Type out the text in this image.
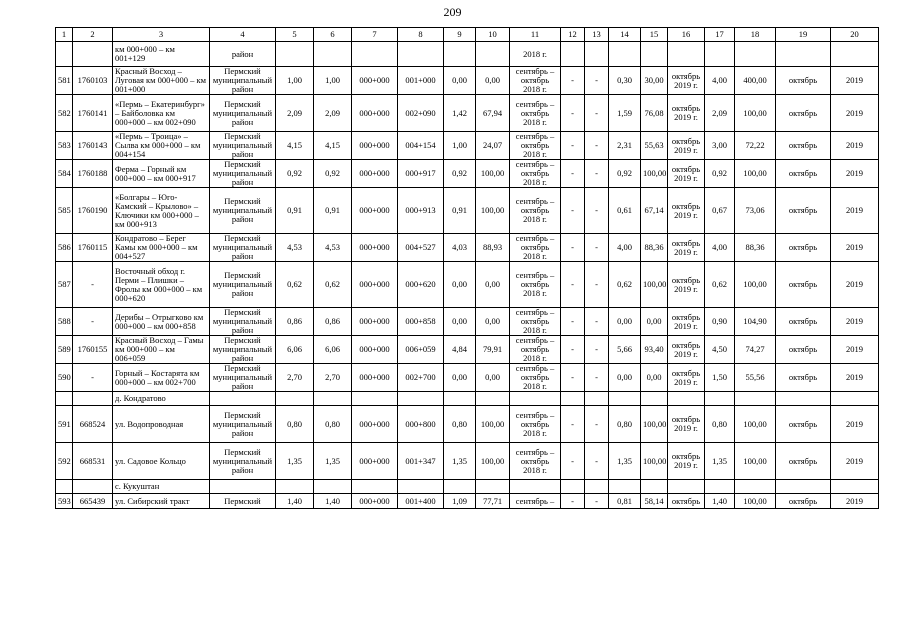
209
1	2	3	4	5	6	7	8	9	10	11	12	13	14	15	16	17	18	19	20
		км 000+000 – км 001+129	район							2018 г.									
581	1760103	Красный Восход – Луговая км 000+000 – км 001+000	Пермский муниципальный район	1,00	1,00	000+000	001+000	0,00	0,00	сентябрь – октябрь 2018 г.	-	-	0,30	30,00	октябрь 2019 г.	4,00	400,00	октябрь	2019
582	1760141	«Пермь – Екатеринбург» – Байболовка км 000+000 – км 002+090	Пермский муниципальный район	2,09	2,09	000+000	002+090	1,42	67,94	сентябрь – октябрь 2018 г.	-	-	1,59	76,08	октябрь 2019 г.	2,09	100,00	октябрь	2019
583	1760143	«Пермь – Троица» – Сылва км 000+000 – км 004+154	Пермский муниципальный район	4,15	4,15	000+000	004+154	1,00	24,07	сентябрь – октябрь 2018 г.	-	-	2,31	55,63	октябрь 2019 г.	3,00	72,22	октябрь	2019
584	1760188	Ферма – Горный км 000+000 – км 000+917	Пермский муниципальный район	0,92	0,92	000+000	000+917	0,92	100,00	сентябрь – октябрь 2018 г.	-	-	0,92	100,00	октябрь 2019 г.	0,92	100,00	октябрь	2019
585	1760190	«Болгары – Юго-Камский – Крылово» – Ключики км 000+000 – км 000+913	Пермский муниципальный район	0,91	0,91	000+000	000+913	0,91	100,00	сентябрь – октябрь 2018 г.	-	-	0,61	67,14	октябрь 2019 г.	0,67	73,06	октябрь	2019
586	1760115	Кондратово – Берег Камы км 000+000 – км 004+527	Пермский муниципальный район	4,53	4,53	000+000	004+527	4,03	88,93	сентябрь – октябрь 2018 г.	-	-	4,00	88,36	октябрь 2019 г.	4,00	88,36	октябрь	2019
587	-	Восточный обход г. Перми – Плишки – Фролы км 000+000 – км 000+620	Пермский муниципальный район	0,62	0,62	000+000	000+620	0,00	0,00	сентябрь – октябрь 2018 г.	-	-	0,62	100,00	октябрь 2019 г.	0,62	100,00	октябрь	2019
588	-	Дерибы – Отрыгково км 000+000 – км 000+858	Пермский муниципальный район	0,86	0,86	000+000	000+858	0,00	0,00	сентябрь – октябрь 2018 г.	-	-	0,00	0,00	октябрь 2019 г.	0,90	104,90	октябрь	2019
589	1760155	Красный Восход – Гамы км 000+000 – км 006+059	Пермский муниципальный район	6,06	6,06	000+000	006+059	4,84	79,91	сентябрь – октябрь 2018 г.	-	-	5,66	93,40	октябрь 2019 г.	4,50	74,27	октябрь	2019
590	-	Горный – Костарята км 000+000 – км 002+700	Пермский муниципальный район	2,70	2,70	000+000	002+700	0,00	0,00	сентябрь – октябрь 2018 г.	-	-	0,00	0,00	октябрь 2019 г.	1,50	55,56	октябрь	2019
		д. Кондратово																	
591	668524	ул. Водопроводная	Пермский муниципальный район	0,80	0,80	000+000	000+800	0,80	100,00	сентябрь – октябрь 2018 г.	-	-	0,80	100,00	октябрь 2019 г.	0,80	100,00	октябрь	2019
592	668531	ул. Садовое Кольцо	Пермский муниципальный район	1,35	1,35	000+000	001+347	1,35	100,00	сентябрь – октябрь 2018 г.	-	-	1,35	100,00	октябрь 2019 г.	1,35	100,00	октябрь	2019
		с. Кукуштан																	
593	665439	ул. Сибирский тракт	Пермский	1,40	1,40	000+000	001+400	1,09	77,71	сентябрь –	-	-	0,81	58,14	октябрь	1,40	100,00	октябрь	2019
